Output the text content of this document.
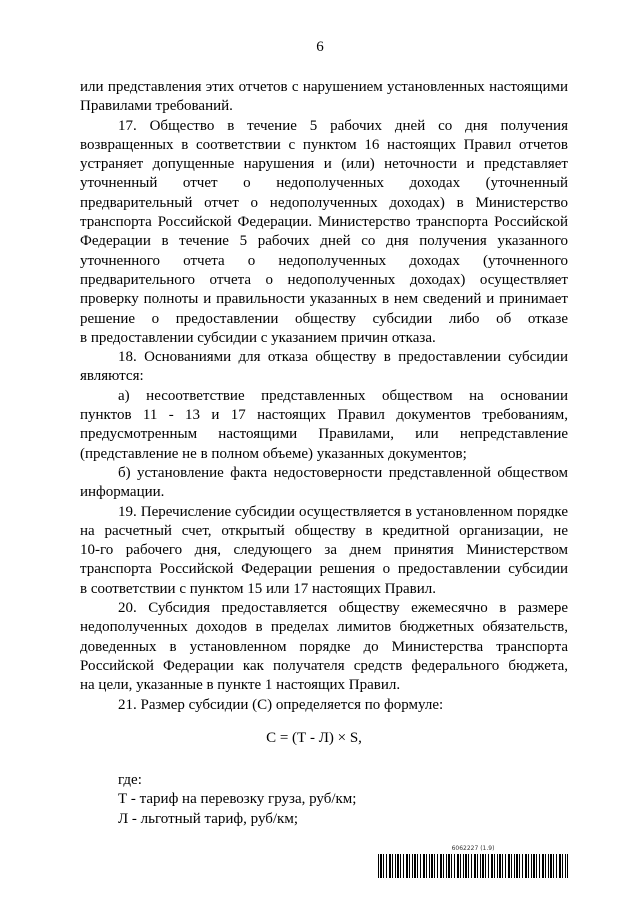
6
или представления этих отчетов с нарушением установленных настоящими
Правилами требований.
17. Общество в течение 5 рабочих дней со дня получения
возвращенных в соответствии с пунктом 16 настоящих Правил отчетов
устраняет допущенные нарушения и (или) неточности и представляет
уточненный отчет о недополученных доходах (уточненный
предварительный отчет о недополученных доходах) в Министерство
транспорта Российской Федерации. Министерство транспорта Российской
Федерации в течение 5 рабочих дней со дня получения указанного
уточненного отчета о недополученных доходах (уточненного
предварительного отчета о недополученных доходах) осуществляет
проверку полноты и правильности указанных в нем сведений и принимает
решение о предоставлении обществу субсидии либо об отказе
в предоставлении субсидии с указанием причин отказа.
18. Основаниями для отказа обществу в предоставлении субсидии
являются:
а) несоответствие представленных обществом на основании
пунктов 11 - 13 и 17 настоящих Правил документов требованиям,
предусмотренным настоящими Правилами, или непредставление
(представление не в полном объеме) указанных документов;
б) установление факта недостоверности представленной обществом
информации.
19. Перечисление субсидии осуществляется в установленном порядке
на расчетный счет, открытый обществу в кредитной организации, не
10-го рабочего дня, следующего за днем принятия Министерством
транспорта Российской Федерации решения о предоставлении субсидии
в соответствии с пунктом 15 или 17 настоящих Правил.
20. Субсидия предоставляется обществу ежемесячно в размере
недополученных доходов в пределах лимитов бюджетных обязательств,
доведенных в установленном порядке до Министерства транспорта
Российской Федерации как получателя средств федерального бюджета,
на цели, указанные в пункте 1 настоящих Правил.
21. Размер субсидии (С) определяется по формуле:
С = (Т - Л) × S,
где:
Т - тариф на перевозку груза, руб/км;
Л - льготный тариф, руб/км;
6062227 (1.9)
